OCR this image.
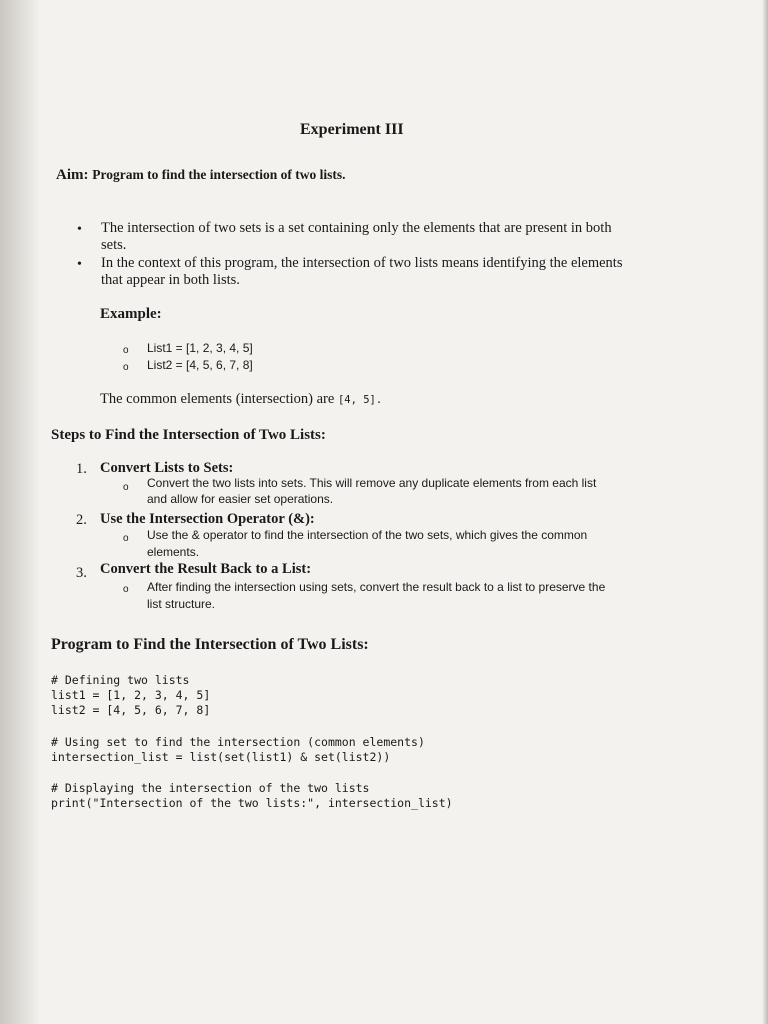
Experiment III
Aim: Program to find the intersection of two lists.
• The intersection of two sets is a set containing only the elements that are present in both
sets.
• In the context of this program, the intersection of two lists means identifying the elements
that appear in both lists.
Example:
o List1 = [1, 2, 3, 4, 5]
o List2 = [4, 5, 6, 7, 8]
The common elements (intersection) are [4, 5].
Steps to Find the Intersection of Two Lists:
1. Convert Lists to Sets:
o Convert the two lists into sets. This will remove any duplicate elements from each list
and allow for easier set operations.
2. Use the Intersection Operator (&):
o Use the & operator to find the intersection of the two sets, which gives the common
elements.
3. Convert the Result Back to a List:
o After finding the intersection using sets, convert the result back to a list to preserve the
list structure.
Program to Find the Intersection of Two Lists:
# Defining two lists
list1 = [1, 2, 3, 4, 5]
list2 = [4, 5, 6, 7, 8]
# Using set to find the intersection (common elements)
intersection_list = list(set(list1) & set(list2))
# Displaying the intersection of the two lists
print("Intersection of the two lists:", intersection_list)
